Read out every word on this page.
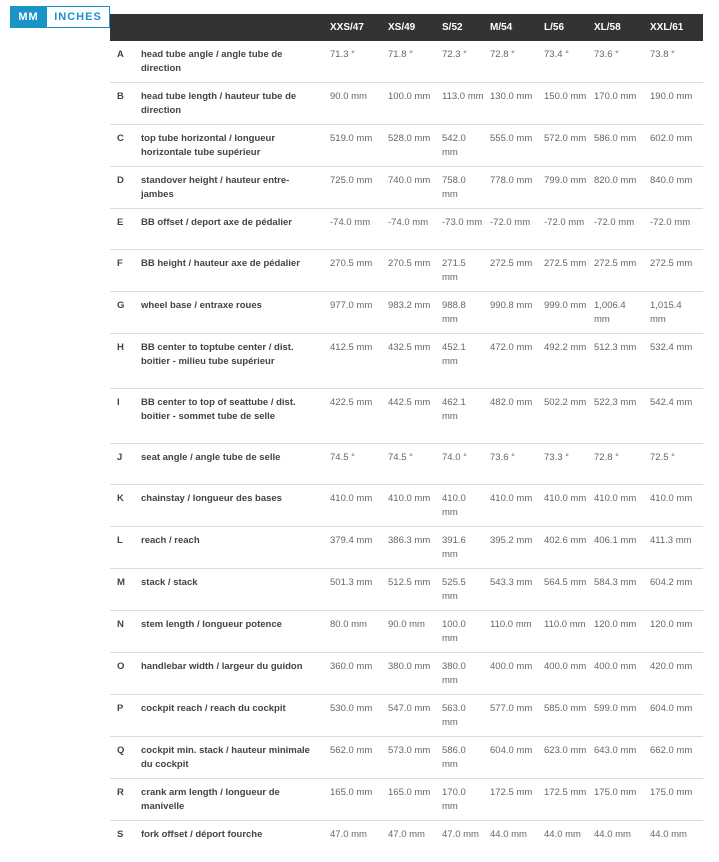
MM	INCHES
		XXS/47	XS/49	S/52	M/54	L/56	XL/58	XXL/61
A	head tube angle / angle tube de direction	71.3 °	71.8 °	72.3 °	72.8 °	73.4 °	73.6 °	73.8 °
B	head tube length / hauteur tube de direction	90.0 mm	100.0 mm	113.0 mm	130.0 mm	150.0 mm	170.0 mm	190.0 mm
C	top tube horizontal / longueur horizontale tube supérieur	519.0 mm	528.0 mm	542.0 mm	555.0 mm	572.0 mm	586.0 mm	602.0 mm
D	standover height / hauteur entre-jambes	725.0 mm	740.0 mm	758.0 mm	778.0 mm	799.0 mm	820.0 mm	840.0 mm
E	BB offset / deport axe de pédalier	-74.0 mm	-74.0 mm	-73.0 mm	-72.0 mm	-72.0 mm	-72.0 mm	-72.0 mm
F	BB height / hauteur axe de pédalier	270.5 mm	270.5 mm	271.5 mm	272.5 mm	272.5 mm	272.5 mm	272.5 mm
G	wheel base / entraxe roues	977.0 mm	983.2 mm	988.8 mm	990.8 mm	999.0 mm	1,006.4 mm	1,015.4 mm
H	BB center to toptube center / dist. boitier - milieu tube supérieur	412.5 mm	432.5 mm	452.1 mm	472.0 mm	492.2 mm	512.3 mm	532.4 mm
I	BB center to top of seattube / dist. boitier - sommet tube de selle	422.5 mm	442.5 mm	462.1 mm	482.0 mm	502.2 mm	522.3 mm	542.4 mm
J	seat angle / angle tube de selle	74.5 °	74.5 °	74.0 °	73.6 °	73.3 °	72.8 °	72.5 °
K	chainstay / longueur des bases	410.0 mm	410.0 mm	410.0 mm	410.0 mm	410.0 mm	410.0 mm	410.0 mm
L	reach / reach	379.4 mm	386.3 mm	391.6 mm	395.2 mm	402.6 mm	406.1 mm	411.3 mm
M	stack / stack	501.3 mm	512.5 mm	525.5 mm	543.3 mm	564.5 mm	584.3 mm	604.2 mm
N	stem length / longueur potence	80.0 mm	90.0 mm	100.0 mm	110.0 mm	110.0 mm	120.0 mm	120.0 mm
O	handlebar width / largeur du guidon	360.0 mm	380.0 mm	380.0 mm	400.0 mm	400.0 mm	400.0 mm	420.0 mm
P	cockpit reach / reach du cockpit	530.0 mm	547.0 mm	563.0 mm	577.0 mm	585.0 mm	599.0 mm	604.0 mm
Q	cockpit min. stack / hauteur minimale du cockpit	562.0 mm	573.0 mm	586.0 mm	604.0 mm	623.0 mm	643.0 mm	662.0 mm
R	crank arm length / longueur de manivelle	165.0 mm	165.0 mm	170.0 mm	172.5 mm	172.5 mm	175.0 mm	175.0 mm
S	fork offset / déport fourche	47.0 mm	47.0 mm	47.0 mm	44.0 mm	44.0 mm	44.0 mm	44.0 mm
